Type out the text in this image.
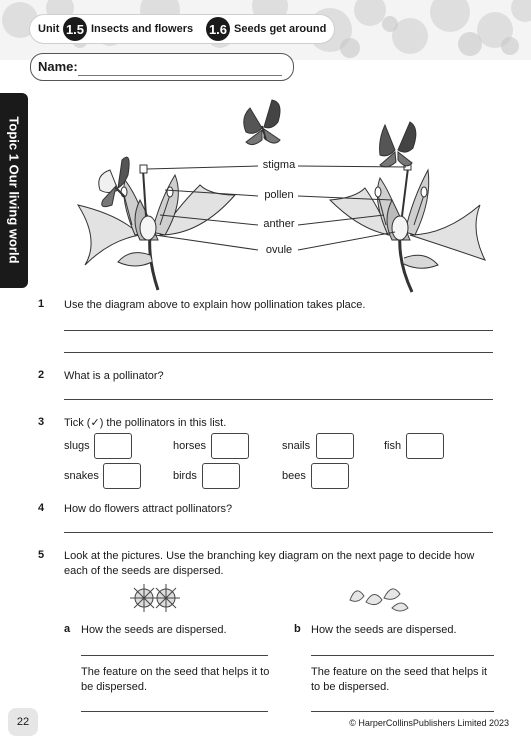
Unit 1.5 Insects and flowers 1.6 Seeds get around
Name:
Topic 1 Our living world	stigma
pollen
anther
ovule
1 Use the diagram above to explain how pollination takes place.
2 What is a pollinator?
3 Tick (✓) the pollinators in this list.
slugs	horses	snails	fish
snakes	birds	bees
4 How do flowers attract pollinators?
5 Look at the pictures. Use the branching key diagram on the next page to decide how each of the seeds are dispersed.
a How the seeds are dispersed.
The feature on the seed that helps it to be dispersed.
b How the seeds are dispersed.
The feature on the seed that helps it to be dispersed.
22	© HarperCollinsPublishers Limited 2023
